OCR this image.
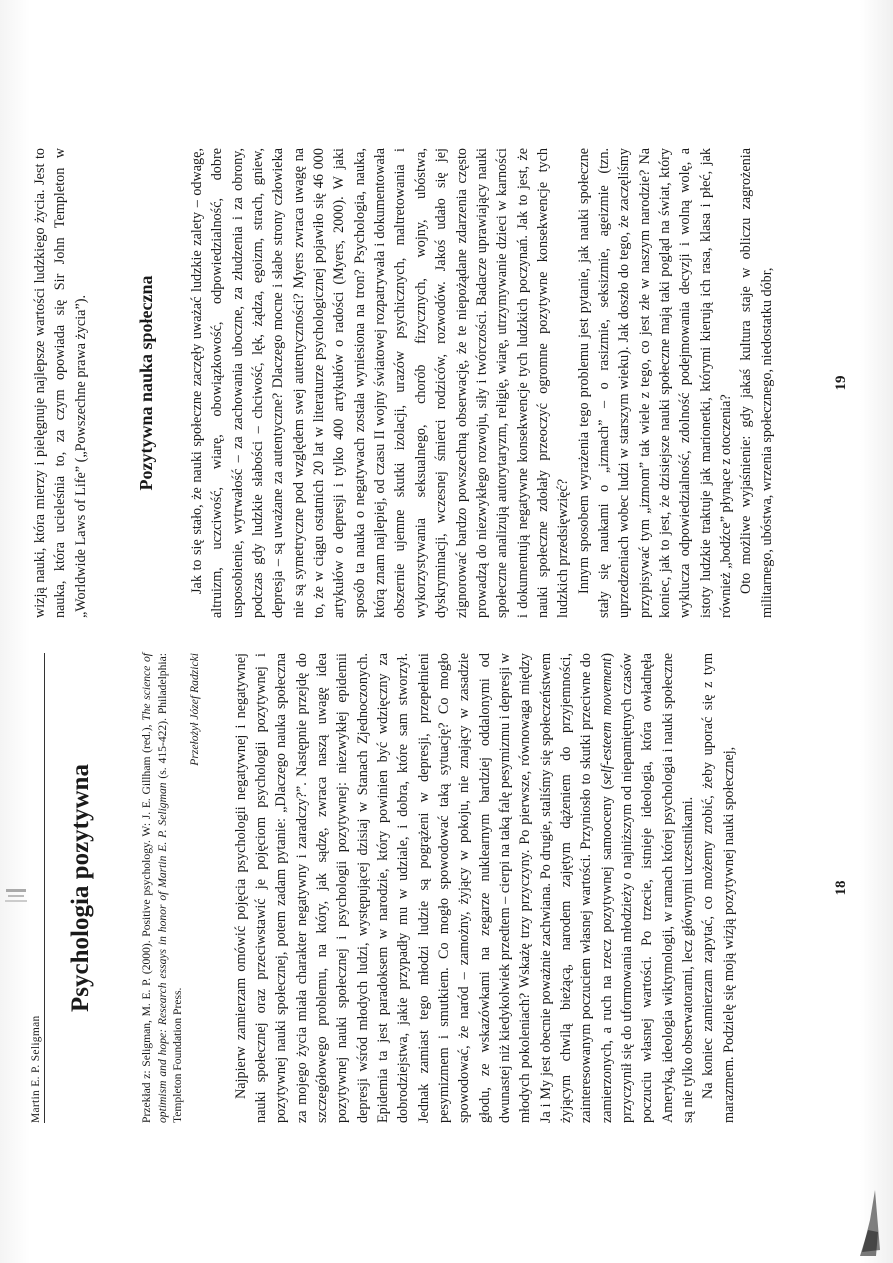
Martin E. P. Seligman
Psychologia pozytywna	Przekład z: Seligman, M. E. P. (2000). Positive psychology. W: J. E. Gillham (red.), The science of optimism and hope: Research essays in honor of Martin E. P. Seligman (s. 415-422). Philadelphia: Templeton Foundation Press.

Przełożył Józef Radzicki Najpierw zamierzam omówić pojęcia psychologii negatywnej i negatywnej nauki społecznej oraz przeciwstawić je pojęciom psychologii pozytywnej i pozytywnej nauki społecznej, potem zadam pytanie: „Dlaczego nauka społeczna za mojego życia miała charakter negatywny i zaradczy?”. Następnie przejdę do szczegółowego problemu, na który, jak sądzę, zwraca naszą uwagę idea pozytywnej nauki społecznej i psychologii pozytywnej: niezwykłej epidemii depresji wśród młodych ludzi, występującej dzisiaj w Stanach Zjednoczonych. Epidemia ta jest paradoksem w narodzie, który powinien być wdzięczny za dobrodziejstwa, jakie przypadły mu w udziale, i dobra, które sam stworzył. Jednak zamiast tego młodzi ludzie są pogrążeni w depresji, przepełnieni pesymizmem i smutkiem. Co mogło spowodować taką sytuację? Co mogło spowodować, że naród – zamożny, żyjący w pokoju, nie znający w zasadzie głodu, ze wskazówkami na zegarze nuklearnym bardziej oddalonymi od dwunastej niż kiedykolwiek przedtem – cierpi na taką falę pesymizmu i depresji w młodych pokoleniach? Wskażę trzy przyczyny. Po pierwsze, równowaga między Ja i My jest obecnie poważnie zachwiana. Po drugie, staliśmy się społeczeństwem żyjącym chwilą bieżącą, narodem zajętym dążeniem do przyjemności, zainteresowanym poczuciem własnej wartości. Przyniosło to skutki przeciwne do zamierzonych, a ruch na rzecz pozytywnej samooceny (self-esteem movement) przyczynił się do uformowania młodzieży o najniższym od niepamiętnych czasów poczuciu własnej wartości. Po trzecie, istnieje ideologia, która owładnęła Ameryką, ideologia wiktymologii, w ramach której psychologia i nauki społeczne są nie tylko obserwatorami, lecz głównymi uczestnikami. Na koniec zamierzam zapytać, co możemy zrobić, żeby uporać się z tym marazmem. Podzielę się moją wizją pozytywnej nauki społecznej,	18

wizją nauki, która mierzy i pielęgnuje najlepsze wartości ludzkiego życia. Jest to nauka, która ucieleśnia to, za czym opowiada się Sir John Templeton w „Worldwide Laws of Life” („Powszechne prawa życia”).	Pozytywna nauka społeczna Jak to się stało, że nauki społeczne zaczęły uważać ludzkie zalety – odwagę, altruizm, uczciwość, wiarę, obowiązkowość, odpowiedzialność, dobre usposobienie, wytrwałość – za zachowania uboczne, za złudzenia i za obrony, podczas gdy ludzkie słabości – chciwość, lęk, żądza, egoizm, strach, gniew, depresja – są uważane za autentyczne? Dlaczego mocne i słabe strony człowieka nie są symetryczne pod względem swej autentyczności? Myers zwraca uwagę na to, że w ciągu ostatnich 20 lat w literaturze psychologicznej pojawiło się 46 000 artykułów o depresji i tylko 400 artykułów o radości (Myers, 2000). W jaki sposób ta nauka o negatywach została wyniesiona na tron? Psychologia, nauka, którą znam najlepiej, od czasu II wojny światowej rozpatrywała i dokumentowała obszernie ujemne skutki izolacji, urazów psychicznych, maltretowania i wykorzystywania seksualnego, chorób fizycznych, wojny, ubóstwa, dyskryminacji, wczesnej śmierci rodziców, rozwodów. Jakoś udało się jej zignorować bardzo powszechną obserwację, że te niepożądane zdarzenia często prowadzą do niezwykłego rozwoju, siły i twórczości. Badacze uprawiający nauki społeczne analizują autorytaryzm, religię, wiarę, utrzymywanie dzieci w karności i dokumentują negatywne konsekwencje tych ludzkich poczynań. Jak to jest, że nauki społeczne zdołały przeoczyć ogromne pozytywne konsekwencje tych ludzkich przedsięwzięć? Innym sposobem wyrażenia tego problemu jest pytanie, jak nauki społeczne stały się naukami o „izmach” – o rasizmie, seksizmie, ageizmie (tzn. uprzedzeniach wobec ludzi w starszym wieku). Jak doszło do tego, że zaczęliśmy przypisywać tym „izmom” tak wiele z tego, co jest złe w naszym narodzie? Na koniec, jak to jest, że dzisiejsze nauki społeczne mają taki pogląd na świat, który wyklucza odpowiedzialność, zdolność podejmowania decyzji i wolną wolę, a istoty ludzkie traktuje jak marionetki, którymi kierują ich rasa, klasa i płeć, jak również „bodźce” płynące z otoczenia? Oto możliwe wyjaśnienie: gdy jakaś kultura staje w obliczu zagrożenia militarnego, ubóstwa, wrzenia społecznego, niedostatku dóbr,	19
